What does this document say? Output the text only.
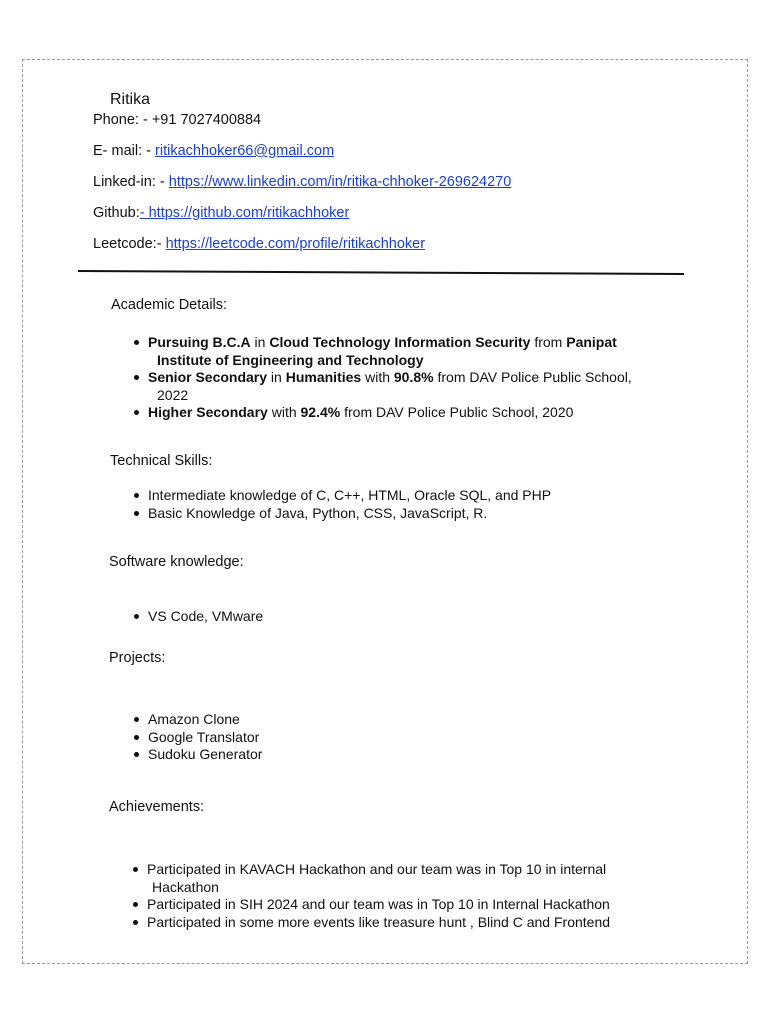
Ritika
Phone: - +91 7027400884
E- mail: - ritikachhoker66@gmail.com
Linked-in: - https://www.linkedin.com/in/ritika-chhoker-269624270
Github:- https://github.com/ritikachhoker
Leetcode:- https://leetcode.com/profile/ritikachhoker
Academic Details:
Pursuing B.C.A in Cloud Technology Information Security from Panipat
Institute of Engineering and Technology
Senior Secondary in Humanities with 90.8% from DAV Police Public School,
2022
Higher Secondary with 92.4% from DAV Police Public School, 2020
Technical Skills:
Intermediate knowledge of C, C++, HTML, Oracle SQL, and PHP
Basic Knowledge of Java, Python, CSS, JavaScript, R.
Software knowledge:
VS Code, VMware
Projects:
Amazon Clone
Google Translator
Sudoku Generator
Achievements:
Participated in KAVACH Hackathon and our team was in Top 10 in internal
Hackathon
Participated in SIH 2024 and our team was in Top 10 in Internal Hackathon
Participated in some more events like treasure hunt , Blind C and Frontend
